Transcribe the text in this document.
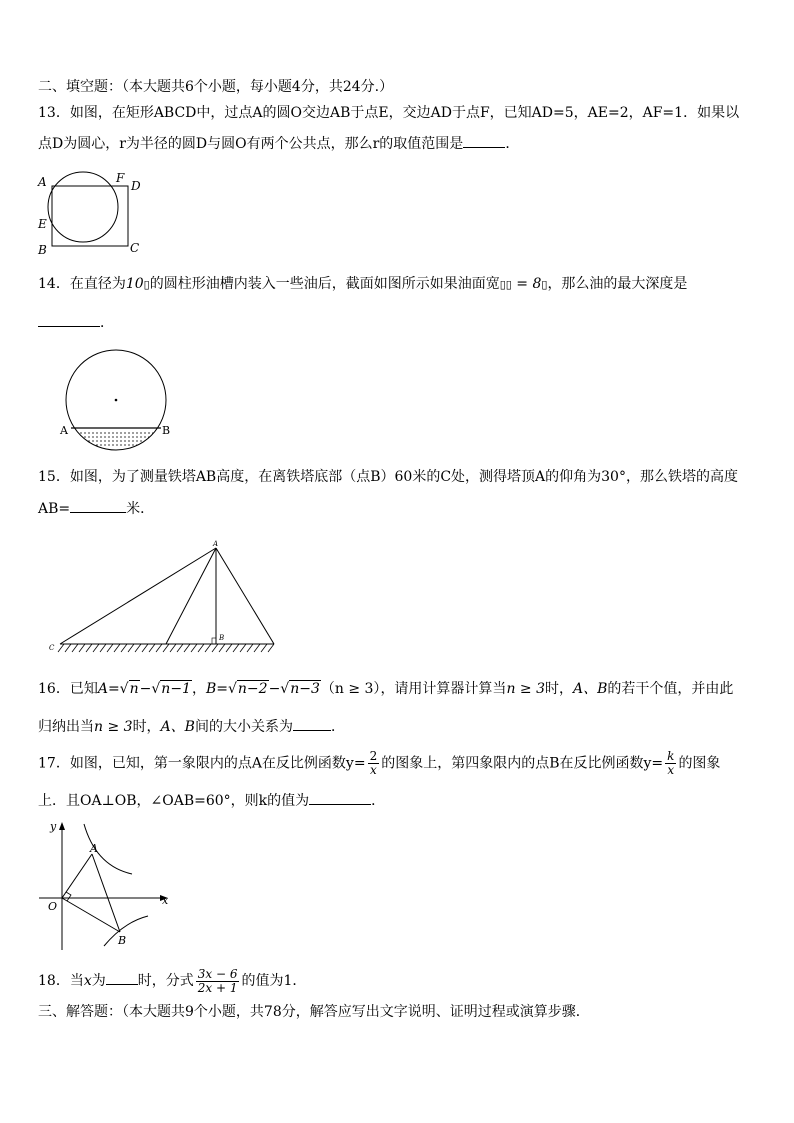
二、填空题：（本大题共6个小题，每小题4分，共24分.）
13．如图，在矩形ABCD中，过点A的圆O交边AB于点E，交边AD于点F，已知AD=5，AE=2，AF=1．如果以
点D为圆心，r为半径的圆D与圆O有两个公共点，那么r的取值范围是	．
A	F
D
E
B	C
14．在直径为10▯的圆柱形油槽内装入一些油后，截面如图所示如果油面宽▯▯ = 8▯，那么油的最大深度是
．
A	B
15．如图，为了测量铁塔AB高度，在离铁塔底部（点B）60米的C处，测得塔顶A的仰角为30°，那么铁塔的高度
AB=	米．
A
B
C
16．已知A=√n−√n−1，B=√n−2−√n−3（n ≥ 3），请用计算器计算当n ≥ 3时，A、B的若干个值，并由此
归纳出当n ≥ 3时，A、B间的大小关系为	．
17．如图，已知，第一象限内的点A在反比例函数$y= \frac{2}{x}$ 的图象上，第四象限内的点B在反比例函数$y= \frac{k}{x}$ 的图象
上．且OA⊥OB，∠OAB=60°，则k的值为	．
y
x
O
A
B
18．当x为 时，分式 $\frac{3x - 6}{2x + 1}$ 的值为1．
三、解答题：（本大题共9个小题，共78分，解答应写出文字说明、证明过程或演算步骤．
